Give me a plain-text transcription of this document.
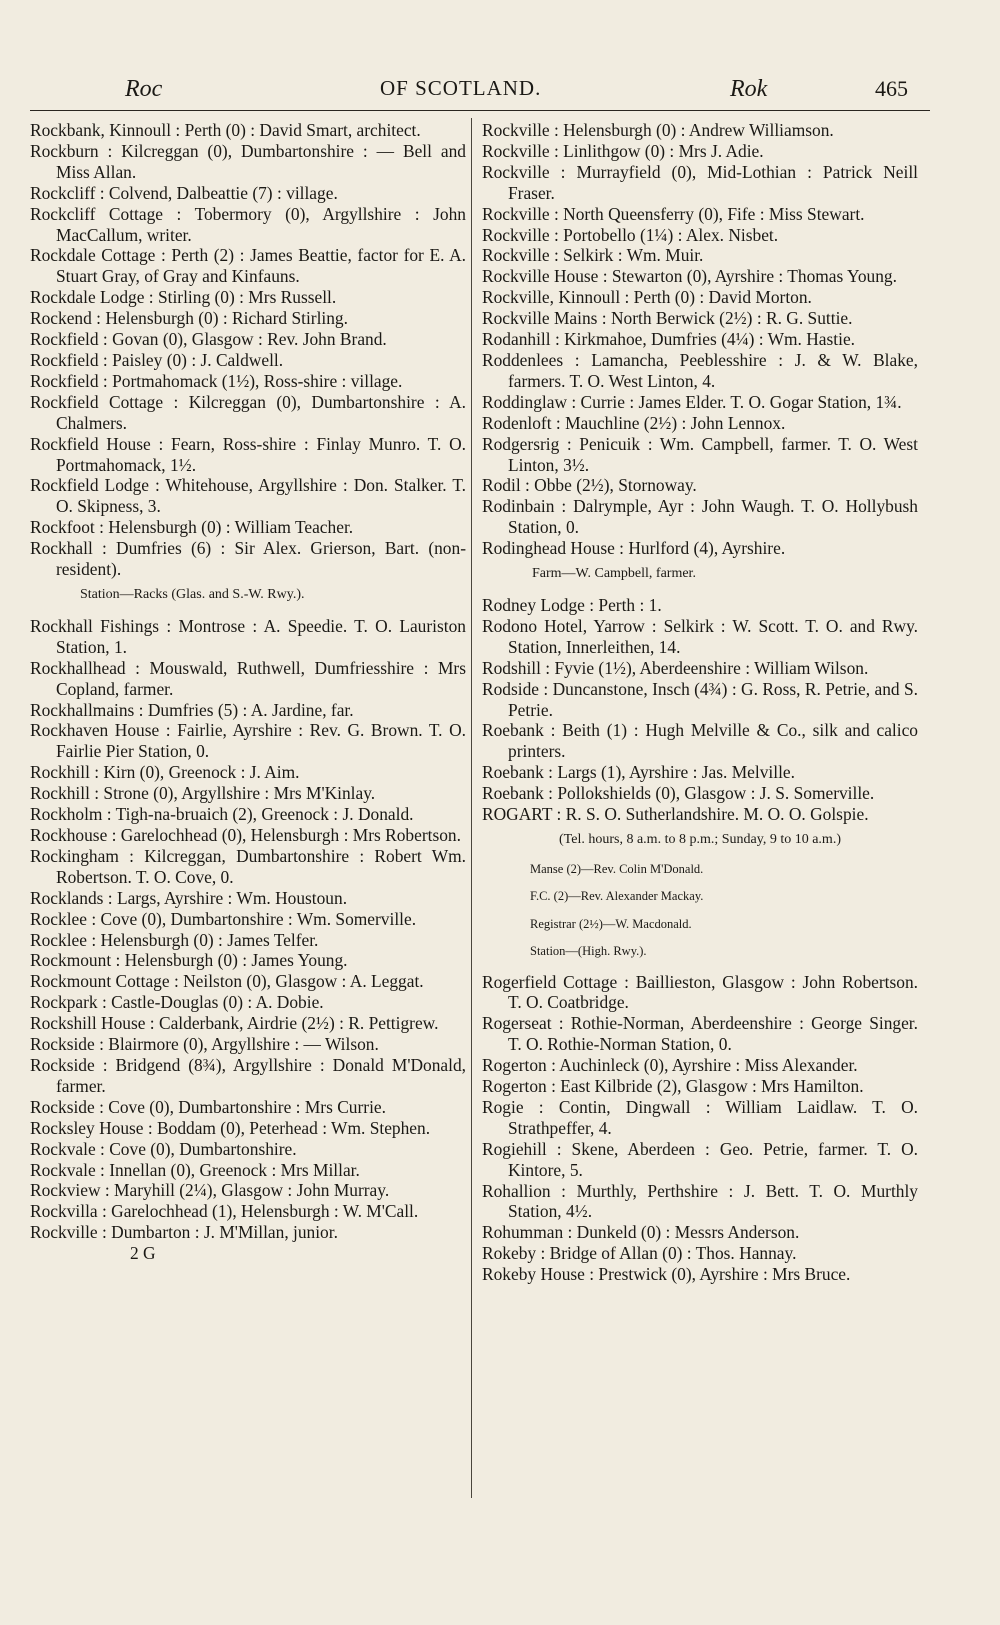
Roc	OF SCOTLAND.	Rok	465

Rockbank, Kinnoull : Perth (0) : David Smart, architect.

Rockburn : Kilcreggan (0), Dumbartonshire : — Bell and Miss Allan.

Rockcliff : Colvend, Dalbeattie (7) : village.

Rockcliff Cottage : Tobermory (0), Argyllshire : John MacCallum, writer.

Rockdale Cottage : Perth (2) : James Beattie, factor for E. A. Stuart Gray, of Gray and Kinfauns.

Rockdale Lodge : Stirling (0) : Mrs Russell.

Rockend : Helensburgh (0) : Richard Stirling.

Rockfield : Govan (0), Glasgow : Rev. John Brand.

Rockfield : Paisley (0) : J. Caldwell.

Rockfield : Portmahomack (1½), Ross-shire : village.

Rockfield Cottage : Kilcreggan (0), Dumbartonshire : A. Chalmers.

Rockfield House : Fearn, Ross-shire : Finlay Munro. T. O. Portmahomack, 1½.

Rockfield Lodge : Whitehouse, Argyllshire : Don. Stalker. T. O. Skipness, 3.

Rockfoot : Helensburgh (0) : William Teacher.

Rockhall : Dumfries (6) : Sir Alex. Grierson, Bart. (non-resident).

Station—Racks (Glas. and S.-W. Rwy.).

Rockhall Fishings : Montrose : A. Speedie. T. O. Lauriston Station, 1.

Rockhallhead : Mouswald, Ruthwell, Dumfriesshire : Mrs Copland, farmer.

Rockhallmains : Dumfries (5) : A. Jardine, far.

Rockhaven House : Fairlie, Ayrshire : Rev. G. Brown. T. O. Fairlie Pier Station, 0.

Rockhill : Kirn (0), Greenock : J. Aim.

Rockhill : Strone (0), Argyllshire : Mrs M'Kinlay.

Rockholm : Tigh-na-bruaich (2), Greenock : J. Donald.

Rockhouse : Garelochhead (0), Helensburgh : Mrs Robertson.

Rockingham : Kilcreggan, Dumbartonshire : Robert Wm. Robertson. T. O. Cove, 0.

Rocklands : Largs, Ayrshire : Wm. Houstoun.

Rocklee : Cove (0), Dumbartonshire : Wm. Somerville.

Rocklee : Helensburgh (0) : James Telfer.

Rockmount : Helensburgh (0) : James Young.

Rockmount Cottage : Neilston (0), Glasgow : A. Leggat.

Rockpark : Castle-Douglas (0) : A. Dobie.

Rockshill House : Calderbank, Airdrie (2½) : R. Pettigrew.

Rockside : Blairmore (0), Argyllshire : — Wilson.

Rockside : Bridgend (8¾), Argyllshire : Donald M'Donald, farmer.

Rockside : Cove (0), Dumbartonshire : Mrs Currie.

Rocksley House : Boddam (0), Peterhead : Wm. Stephen.

Rockvale : Cove (0), Dumbartonshire.

Rockvale : Innellan (0), Greenock : Mrs Millar.

Rockview : Maryhill (2¼), Glasgow : John Murray.

Rockvilla : Garelochhead (1), Helensburgh : W. M'Call.

Rockville : Dumbarton : J. M'Millan, junior.

2 G

Rockville : Helensburgh (0) : Andrew Williamson.

Rockville : Linlithgow (0) : Mrs J. Adie.

Rockville : Murrayfield (0), Mid-Lothian : Patrick Neill Fraser.

Rockville : North Queensferry (0), Fife : Miss Stewart.

Rockville : Portobello (1¼) : Alex. Nisbet.

Rockville : Selkirk : Wm. Muir.

Rockville House : Stewarton (0), Ayrshire : Thomas Young.

Rockville, Kinnoull : Perth (0) : David Morton.

Rockville Mains : North Berwick (2½) : R. G. Suttie.

Rodanhill : Kirkmahoe, Dumfries (4¼) : Wm. Hastie.

Roddenlees : Lamancha, Peeblesshire : J. & W. Blake, farmers. T. O. West Linton, 4.

Roddinglaw : Currie : James Elder. T. O. Gogar Station, 1¾.

Rodenloft : Mauchline (2½) : John Lennox.

Rodgersrig : Penicuik : Wm. Campbell, farmer. T. O. West Linton, 3½.

Rodil : Obbe (2½), Stornoway.

Rodinbain : Dalrymple, Ayr : John Waugh. T. O. Hollybush Station, 0.

Rodinghead House : Hurlford (4), Ayrshire.

Farm—W. Campbell, farmer.

Rodney Lodge : Perth : 1.

Rodono Hotel, Yarrow : Selkirk : W. Scott. T. O. and Rwy. Station, Innerleithen, 14.

Rodshill : Fyvie (1½), Aberdeenshire : William Wilson.

Rodside : Duncanstone, Insch (4¾) : G. Ross, R. Petrie, and S. Petrie.

Roebank : Beith (1) : Hugh Melville & Co., silk and calico printers.

Roebank : Largs (1), Ayrshire : Jas. Melville.

Roebank : Pollokshields (0), Glasgow : J. S. Somerville.

ROGART : R. S. O. Sutherlandshire. M. O. O. Golspie.

(Tel. hours, 8 a.m. to 8 p.m.; Sunday, 9 to 10 a.m.)

Manse (2)—Rev. Colin M'Donald.

F.C. (2)—Rev. Alexander Mackay.

Registrar (2½)—W. Macdonald.

Station—(High. Rwy.).

Rogerfield Cottage : Baillieston, Glasgow : John Robertson. T. O. Coatbridge.

Rogerseat : Rothie-Norman, Aberdeenshire : George Singer. T. O. Rothie-Norman Station, 0.

Rogerton : Auchinleck (0), Ayrshire : Miss Alexander.

Rogerton : East Kilbride (2), Glasgow : Mrs Hamilton.

Rogie : Contin, Dingwall : William Laidlaw. T. O. Strathpeffer, 4.

Rogiehill : Skene, Aberdeen : Geo. Petrie, farmer. T. O. Kintore, 5.

Rohallion : Murthly, Perthshire : J. Bett. T. O. Murthly Station, 4½.

Rohumman : Dunkeld (0) : Messrs Anderson.

Rokeby : Bridge of Allan (0) : Thos. Hannay.

Rokeby House : Prestwick (0), Ayrshire : Mrs Bruce.
